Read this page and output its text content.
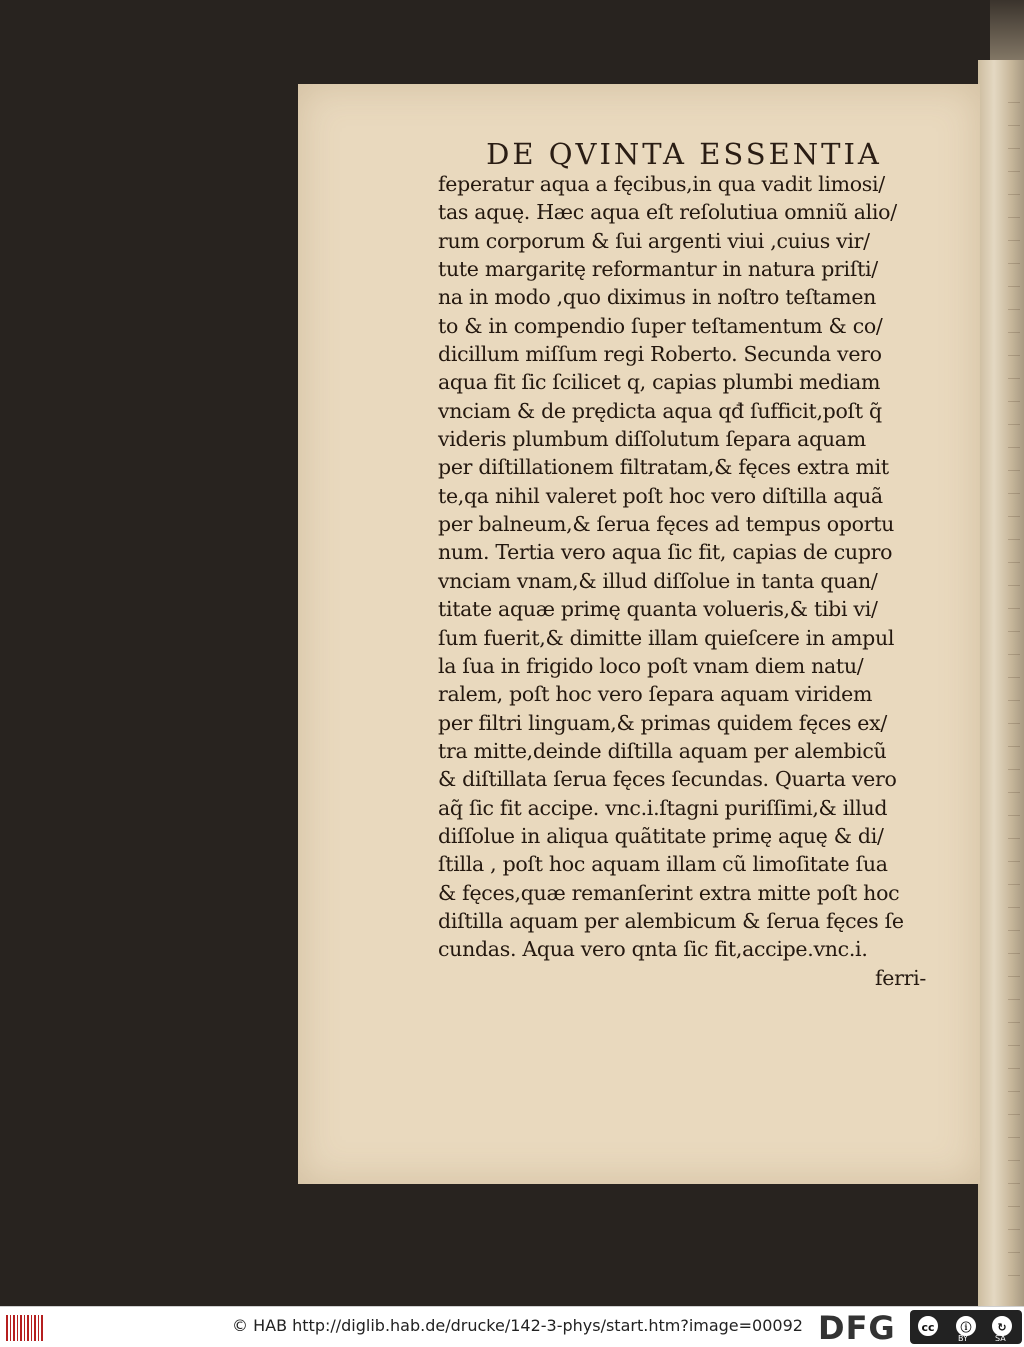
DE QVINTA ESSENTIA
feperatur aqua a fęcibus,in qua vadit limosi/
tas aquę. Hæc aqua eſt reſolutiua omniũ alio/
rum corporum & ſui argenti viui ,cuius vir/
tute margaritę reformantur in natura priſti/
na in modo ,quo diximus in noſtro teſtamen
to & in compendio ſuper teſtamentum & co/
dicillum miſſum regi Roberto. Secunda vero
aqua fit ſic ſcilicet q, capias plumbi mediam
vnciam & de prędicta aqua qđ ſufficit,poſt q̃
videris plumbum diſſolutum ſepara aquam
per diſtillationem filtratam,& fęces extra mit
te,qa nihil valeret poſt hoc vero diſtilla aquã
per balneum,& ſerua fęces ad tempus oportu
num. Tertia vero aqua ſic fit, capias de cupro
vnciam vnam,& illud diſſolue in tanta quan/
titate aquæ primę quanta volueris,& tibi vi/
ſum fuerit,& dimitte illam quieſcere in ampul
la ſua in frigido loco poſt vnam diem natu/
ralem, poſt hoc vero ſepara aquam viridem
per filtri linguam,& primas quidem fęces ex/
tra mitte,deinde diſtilla aquam per alembicũ
& diſtillata ſerua fęces ſecundas. Quarta vero
aq̃ ſic fit accipe. vnc.i.ſtagni puriſſimi,& illud
diſſolue in aliqua quãtitate primę aquę & di/
ſtilla , poſt hoc aquam illam cũ limoſitate ſua
& fęces,quæ remanſerint extra mitte poſt hoc
diſtilla aquam per alembicum & ſerua fęces ſe
cundas. Aqua vero qnta ſic fit,accipe.vnc.i.
ferri-
© HAB http://diglib.hab.de/drucke/142-3-phys/start.htm?image=00092 DFG	cc	ⓘ	↻
BY	SA
